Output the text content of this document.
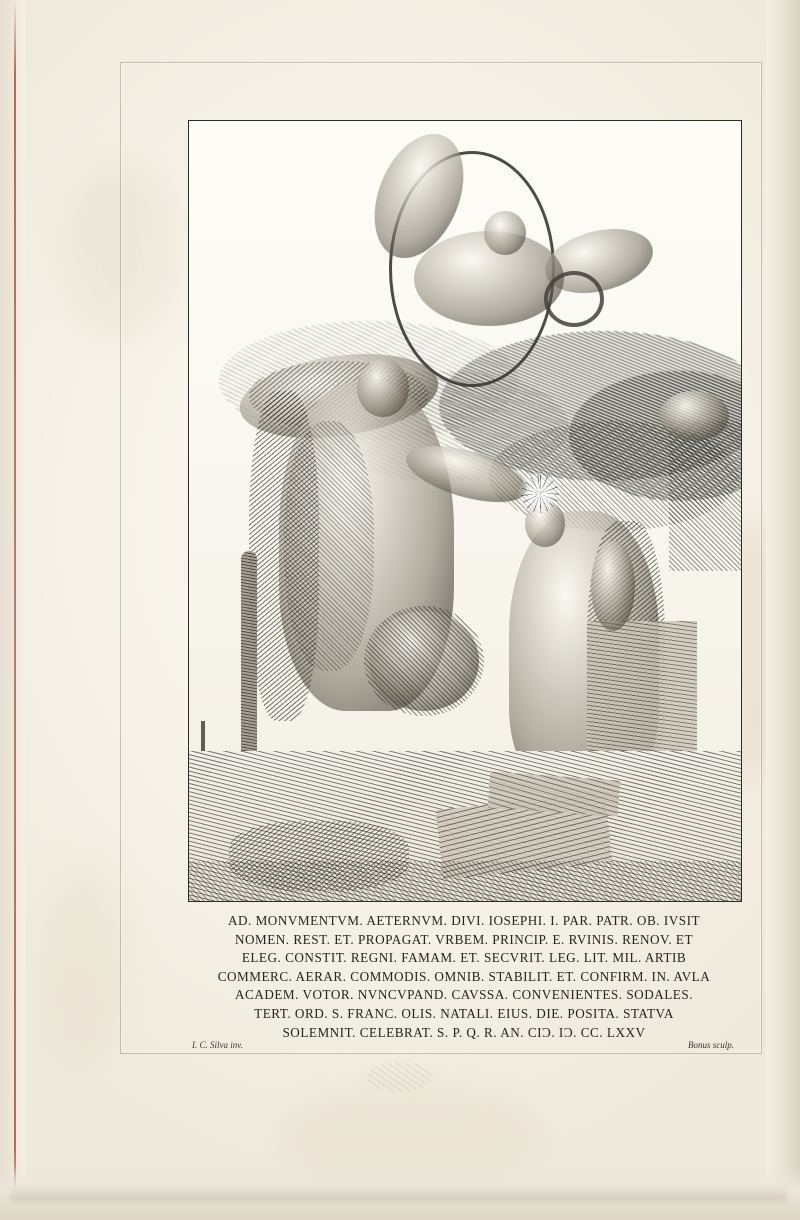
AD. MONVMENTVM. AETERNVM. DIVI. IOSEPHI. I. PAR. PATR. OB. IVSIT
NOMEN. REST. ET. PROPAGAT. VRBEM. PRINCIP. E. RVINIS. RENOV. ET
ELEG. CONSTIT. REGNI. FAMAM. ET. SECVRIT. LEG. LIT. MIL. ARTIB
COMMERC. AERAR. COMMODIS. OMNIB. STABILIT. ET. CONFIRM. IN. AVLA
ACADEM. VOTOR. NVNCVPAND. CAVSSA. CONVENIENTES. SODALES.
TERT. ORD. S. FRANC. OLIS. NATALI. EIUS. DIE. POSITA. STATVA
SOLEMNIT. CELEBRAT. S. P. Q. R. AN. CIƆ. IƆ. CC. LXXV
I. C. Silva inv.	Bonus sculp.
